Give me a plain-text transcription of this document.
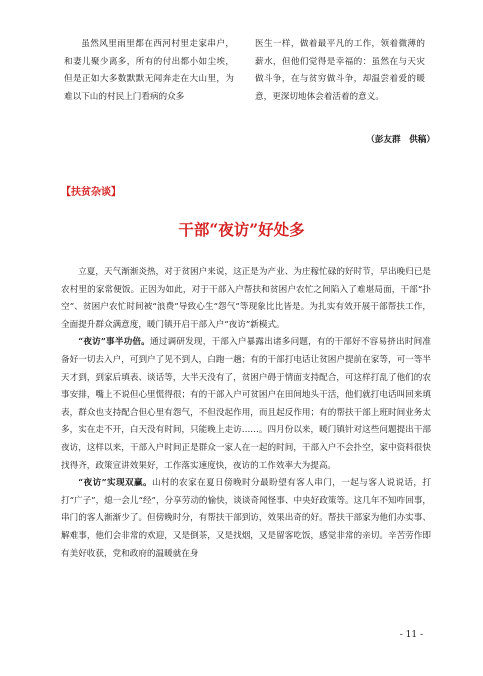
虽然风里雨里都在西河村里走家串户，和妻儿聚少离多，所有的付出都小如尘埃，但是正如大多数默默无闻奔走在大山里，为难以下山的村民上门看病的众多

医生一样，做着最平凡的工作，领着微薄的薪水，但他们觉得是幸福的：虽然在与天灾做斗争，在与贫穷做斗争，却温尝着爱的暖意，更深切地体会着活着的意义。

（彭友群　供稿）

【扶贫杂谈】

干部“夜访”好处多

立夏，天气渐渐炎热，对于贫困户来说，这正是为产业、为庄稼忙碌的好时节，早出晚归已是农村里的家常便饭。正因为如此，对于干部入户帮扶和贫困户农忙之间陷入了难堪局面，干部“扑空”、贫困户农忙时间被“浪费”导致心生“怨气”等现象比比皆是。为扎实有效开展干部帮扶工作，全面提升群众满意度，暖门镇开启干部入户“夜访”新模式。

“夜访”事半功倍。通过调研发现，干部入户暴露出诸多问题，有的干部好不容易挤出时间准备好一切去入户，可到户了见不到人，白跑一趟；有的干部打电话让贫困户提前在家等，可一等半天才到，到家后填表、谈话等，大半天没有了，贫困户碍于情面支持配合，可这样打乱了他们的农事安排，嘴上不说但心里慌得很；有的干部入户可贫困户在田间地头干活，他们就打电话叫回来填表，群众也支持配合但心里有怨气，不但没起作用，而且起反作用；有的帮扶干部上班时间业务太多，实在走不开，白天没有时间，只能晚上走访……。四月份以来，暖门镇针对这些问题提出干部夜访，这样以来，干部入户时间正是群众一家人在一起的时间，干部入户不会扑空，家中资料很快找得齐，政策宣讲效果好，工作落实速度快，夜访的工作效率大为提高。

“夜访”实现双赢。山村的农家在夏日傍晚时分最盼望有客人串门，一起与客人说说话，打打“广子”，熄一会儿“经”，分享劳动的愉快，谈谈奇闻怪事、中央好政策等。这几年不知咋回事，串门的客人渐渐少了。但傍晚时分，有帮扶干部到访，效果出奇的好。帮扶干部家为他们办实事、解难事，他们会非常的欢迎，又是倒茶，又是找烟，又是留客吃饭，感觉非常的亲切。辛苦劳作即有美好收获，党和政府的温暖就在身

- 11 -
